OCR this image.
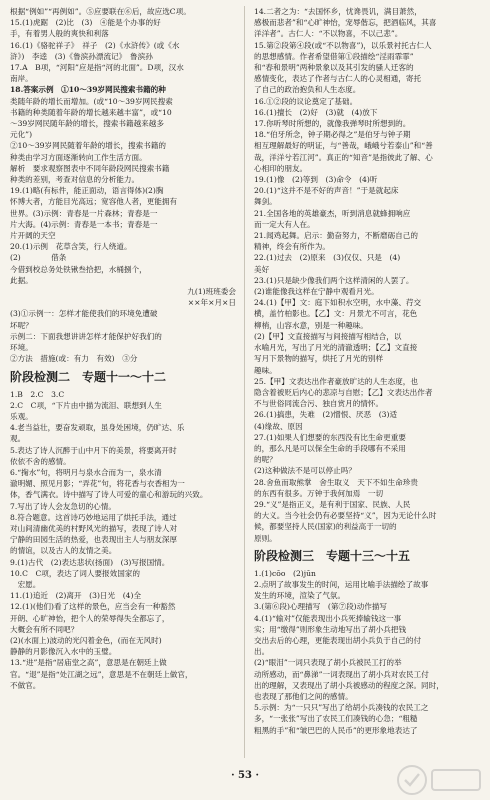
根据“例如”“再例如”。⑤应要联在⑥后，故应选C项。
15.(1)虎踞　(2)比　(3)　④能是个办事的好
手，有着男人般的爽快和利落
16.(1)《骆驼祥子》　祥子　(2)《水浒传》(或《水
浒》)　李逵　(3)《鲁滨孙漂流记》　鲁滨孙
17.A　B项，“河阳”应是指“河的北面”。D项，汉水
南岸。
18.答案示例　①10～39岁网民搜索书籍的种
类随年龄的增长而增加。(或“10～39岁网民搜索
书籍的种类随着年龄的增长越来越丰富”，或“10
～39岁网民随年龄的增长，搜索书籍越来越多
元化”)
②10～39岁网民随着年龄的增长，搜索书籍的
种类由学习方面逐渐转向工作生活方面。
解析　要求观察图表中不同年龄段网民搜索书籍
种类的差别，考查对信息的分析能力。
19.(1)略(有标件，能正面动，语言得体)(2)胸
怀博大者，方能目光高远；宽容他人者，更能拥有
世界。(3)示例：青春是一片森林；青春是一
片大海。(4)示例：青春是一本书；青春是一
片开阔的天空
20.(1)示例　花草含笑，行人绕道。
(2)　　　　借条
今借到校总务处铁锹叁拾把，水桶捌个，
此据。
九(1)班班委会
××年×月×日
(3)①示例一：怎样才能使我们的环境免遭破
坏呢？
示例二：下面我想讲讲怎样才能保护好我们的
环境。
②方法　措施(或：有力　有效)　③分
阶段检测二　专题十一～十二
1.B　2.C　3.C
2.C　C项，“下片由中描为流泪、联想到人生
乐观。
4.老当益壮，要奋发顽取，虽身处困境，仍旷达、乐
观。
5.表达了诗人沉醉于山中月下的美景，将要离开时
依依不舍的感情。
6.“掬水”句，将明月与泉水合而为一，泉水清
澈明媚、照见月影；“弄花”句，将花香与衣香相为一
体，香气满衣。诗中描写了诗人可爱的童心和游玩的兴致。
7.写出了诗人会友急切的心情。
8.符合题意。这首诗巧妙地运用了烘托手法，通过
对山间清幽优美的村野风光的描写，表现了诗人对
宁静的田园生活的热爱，也表现出主人与朋友深厚
的情谊，以及古人的友情之美。
9.(1)古代　(2)表达悲状(扬面)　(3)写报国情。
10.C　C项，表达了词人要报效国家的
　宏愿。
11.(1)追近　(2)离开　(3)日光　(4)全
12.(1)(他们)看了这样的景色，应当会有一种豁然
开朗、心旷神怡，把个人的荣辱得失全都忘了，
大概会有所不同吧？
(2)(水面上)波动的光闪着金色，(而在无风时)
静静的月影像沉入水中的玉璧。
13.“进”是指“居庙堂之高”，意思是在朝廷上做
官。“退”是指“处江湖之远”，意思是不在朝廷上做官，
不做官。
14.二者之为：“去国怀乡，忧谗畏讥，满目萧然，
感极而悲者”和“心旷神怡，宠辱偕忘，把酒临风，其喜
洋洋者”。古仁人：“不以物喜，不以己悲”。
15.第②段第④段(或“不以物喜”)，以乐景衬托古仁人
的思想感情。作者希望借第①段描绘“淫雨霏霏”
和“春和景明”两种景象以及其引发的骚人迁客的
感情变化，表达了作者与古仁人的心灵相通，寄托
了自己的政治抱负和人生态度。
16.①②段的议论奠定了基础。
16.(1)擅长　(2)好　(3)就　(4)放下
17.你听琴时所想的，就像我弹琴时所想到的。
18.“伯牙所念，钟子期必得之”是伯牙与钟子期
相互理解最好的明证，与“善哉，峨峨兮若泰山”和“善
哉，洋洋兮若江河”。真正的“知音”是指彼此了解、心
心相印的朋友。
19.(1)像　(2)等到　(3)命令　(4)听
20.(1)“这并不是不好的声音！”于是就起床
舞剑。
21.全国各地的英雄豪杰，听到消息就蜂拥响应
而一定大有人在。
21.闻鸡起舞。启示：勤奋努力，不断磨砺自己的
精神，终会有所作为。
22.(1)过去　(2)原来　(3)仅仅、只是　(4)
美好
23.(1)只是缺少像我们两个这样清闲的人罢了。
(2)谁能像我这样在宁静中观看月光。
24.(1)【甲】文：庭下如积水空明，水中藻、荇交
横，盖竹柏影也。【乙】文：月景尤不可言，花色
柳梢，山容水意，别是一种趣味。
(2)【甲】文直接描写与间接描写相结合，以
水喻月光，写出了月光的清澈透明；【乙】文直接
写月下景物的描写，烘托了月光的别样
趣味。
25.【甲】文表达出作者豪放旷达的人生态度，也
隐含着被贬后内心的悲凉与自慰；【乙】文表达出作者
不与世俗同流合污、独自赏月的情怀。
26.(1)搞患，失难　(2)憎恨、厌恶　(3)适
(4)缘故、原因
27.(1)如果人们想要的东西没有比生命更重要
的，那么凡是可以保全生命的手段哪有不采用
的呢？
(2)这种做法不是可以停止吗？
28.舍鱼而取熊掌　舍生取义　天下不如生命珍贵
的东西有很多。万钟于我何加焉　一切
29.“义”是指正义，是有利于国家、民族、人民
的大义。当今社会仍有必要坚持“义”，因为无论什么时
候，都要坚持人民(国家)的利益高于一切的
原则。
阶段检测三　专题十三～十五
1.(1)cōo　(2)jūn
2.点明了故事发生的时间，运用比喻手法描绘了故事
发生的环境，渲染了气氛。
3.(第⑥段)心理描写　(第⑦段)动作描写
4.(1)“输对”仅能表现出小兵死捧输钱这一事
实；用“缴得”则形象生动地写出了胡小兵把钱
交出去后的心理，更能表现出胡小兵负于自己的付
出。
(2)“眼泪”一词只表现了胡小兵被民工打的举
动所感动，而“鼻涕”一词表现出了胡小兵对农民工付
出的理解，又表现出了胡小兵被感动的程度之深。同时，
也表现了那他们之间的感情。
5.示例：为“一只只”写出了给胡小兵凑钱的农民工之
多，“一张张”写出了农民工们凑钱的心急；“粗糙
粗黑的手”和“皱巴巴的人民币”的更形象地表达了
· 53 ·
